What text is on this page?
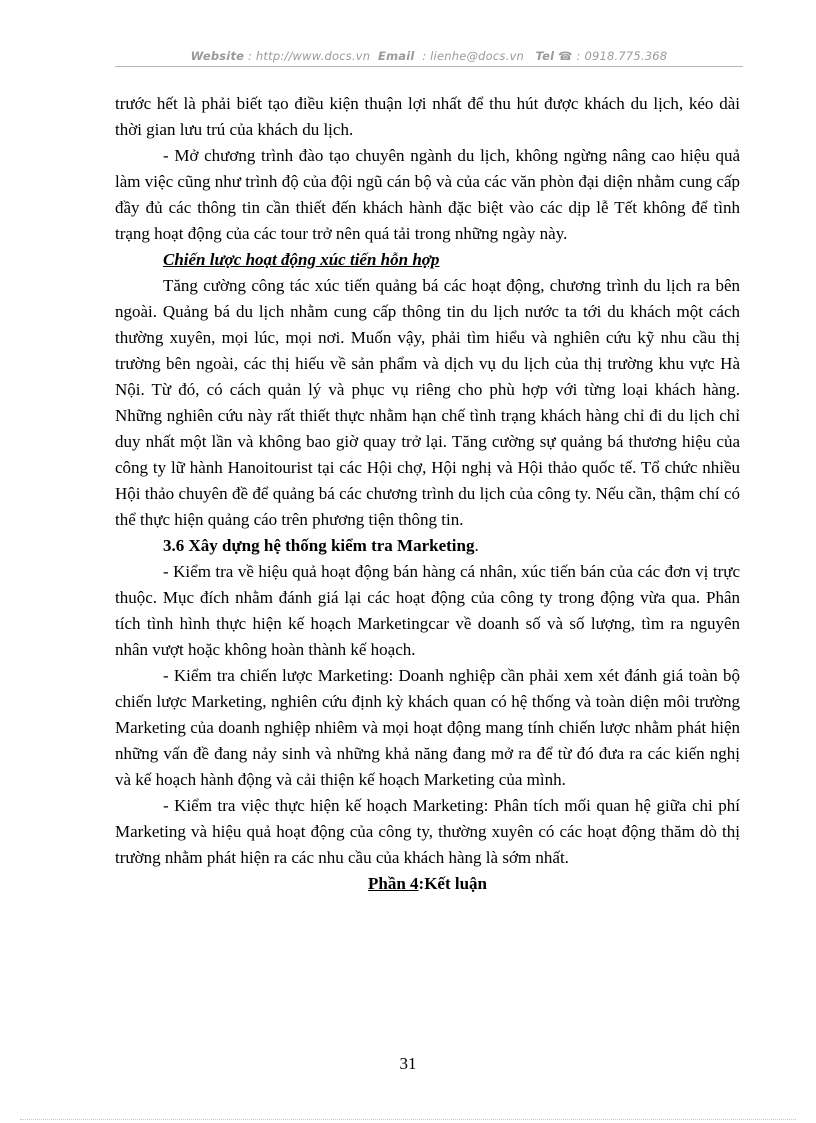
Website : http://www.docs.vn Email : lienhe@docs.vn Tel ☎ : 0918.775.368

trước hết là phải biết tạo điều kiện thuận lợi nhất để thu hút được khách du lịch, kéo dài thời gian lưu trú của khách du lịch.

- Mở chương trình đào tạo chuyên ngành du lịch, không ngừng nâng cao hiệu quả làm việc cũng như trình độ của đội ngũ cán bộ và của các văn phòn đại diện nhằm cung cấp đầy đủ các thông tin cần thiết đến khách hành đặc biệt vào các dịp lễ Tết không để tình trạng hoạt động của các tour trở nên quá tải trong những ngày này.

Chiến lược hoạt động xúc tiến hỗn hợp

Tăng cường công tác xúc tiến quảng bá các hoạt động, chương trình du lịch ra bên ngoài. Quảng bá du lịch nhằm cung cấp thông tin du lịch nước ta tới du khách một cách thường xuyên, mọi lúc, mọi nơi. Muốn vậy, phải tìm hiểu và nghiên cứu kỹ nhu cầu thị trường bên ngoài, các thị hiếu về sản phẩm và dịch vụ du lịch của thị trường khu vực Hà Nội. Từ đó, có cách quản lý và phục vụ riêng cho phù hợp với từng loại khách hàng. Những nghiên cứu này rất thiết thực nhằm hạn chế tình trạng khách hàng chỉ đi du lịch chỉ duy nhất một lần và không bao giờ quay trở lại. Tăng cường sự quảng bá thương hiệu của công ty lữ hành Hanoitourist tại các Hội chợ, Hội nghị và Hội thảo quốc tế. Tổ chức nhiều Hội thảo chuyên đề để quảng bá các chương trình du lịch của công ty. Nếu cần, thậm chí có thể thực hiện quảng cáo trên phương tiện thông tin.

3.6 Xây dựng hệ thống kiểm tra Marketing.

- Kiểm tra về hiệu quả hoạt động bán hàng cá nhân, xúc tiến bán của các đơn vị trực thuộc. Mục đích nhằm đánh giá lại các hoạt động của công ty trong động vừa qua. Phân tích tình hình thực hiện kế hoạch Marketingcar về doanh số và số lượng, tìm ra nguyên nhân vượt hoặc không hoàn thành kế hoạch.

- Kiểm tra chiến lược Marketing: Doanh nghiệp cần phải xem xét đánh giá toàn bộ chiến lược Marketing, nghiên cứu định kỳ khách quan có hệ thống và toàn diện môi trường Marketing của doanh nghiệp nhiêm và mọi hoạt động mang tính chiến lược nhằm phát hiện những vấn đề đang nảy sinh và những khả năng đang mở ra để từ đó đưa ra các kiến nghị và kế hoạch hành động và cải thiện kế hoạch Marketing của mình.

- Kiểm tra việc thực hiện kế hoạch Marketing: Phân tích mối quan hệ giữa chi phí Marketing và hiệu quả hoạt động của công ty, thường xuyên có các hoạt động thăm dò thị trường nhằm phát hiện ra các nhu cầu của khách hàng là sớm nhất.

Phần 4:Kết luận

31
